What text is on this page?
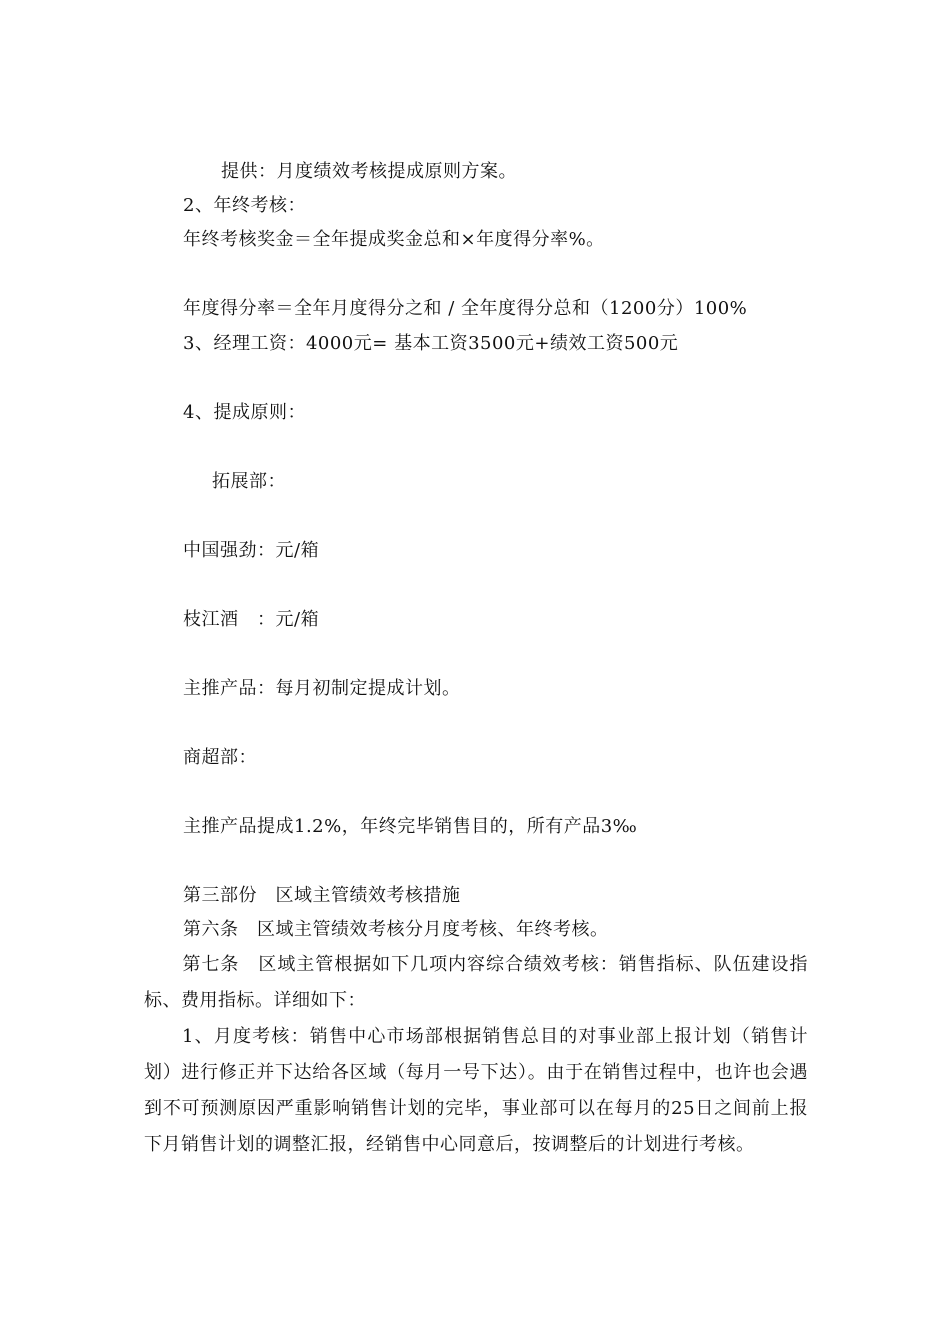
提供：月度绩效考核提成原则方案。
2、年终考核：
年终考核奖金＝全年提成奖金总和×年度得分率%。
年度得分率＝全年月度得分之和 / 全年度得分总和（1200分）100%
3、经理工资：4000元= 基本工资3500元+绩效工资500元
4、提成原则：
拓展部：
中国强劲：元/箱
枝江酒　：元/箱
主推产品：每月初制定提成计划。
商超部：
主推产品提成1.2%，年终完毕销售目的，所有产品3‰
第三部份　区域主管绩效考核措施
第六条　区域主管绩效考核分月度考核、年终考核。
第七条　区域主管根据如下几项内容综合绩效考核：销售指标、队伍建设指标、费用指标。详细如下：
1、月度考核：销售中心市场部根据销售总目的对事业部上报计划（销售计划）进行修正并下达给各区域（每月一号下达）。由于在销售过程中，也许也会遇到不可预测原因严重影响销售计划的完毕，事业部可以在每月的25日之间前上报下月销售计划的调整汇报，经销售中心同意后，按调整后的计划进行考核。
